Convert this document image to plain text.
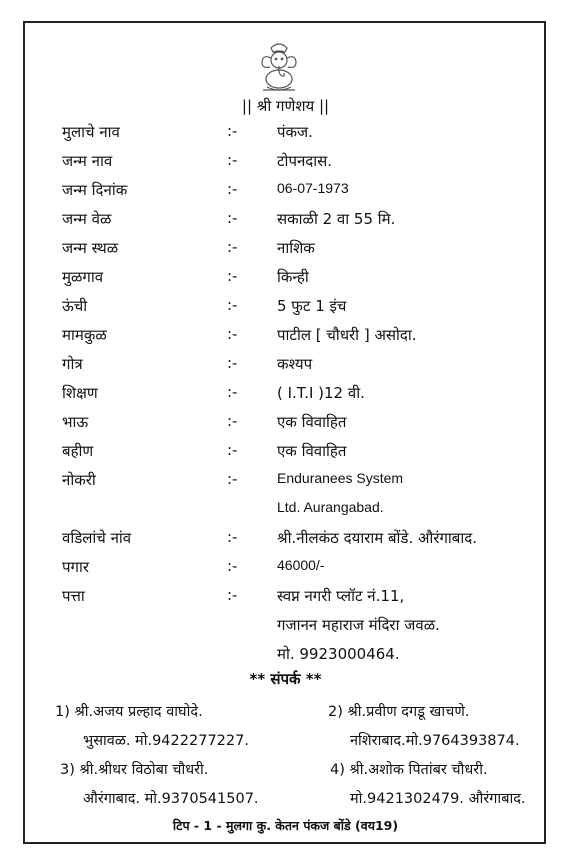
|| श्री गणेशय ||
मुलाचे नाव	:-	पंकज.
जन्म नाव	:-	टोपनदास.
जन्म दिनांक	:-	06-07-1973
जन्म वेळ	:-	सकाळी 2 वा 55 मि.
जन्म स्थळ	:-	नाशिक
मुळगाव	:-	किन्ही
ऊंची	:-	5 फुट 1 इंच
मामकुळ	:-	पाटील [ चौधरी ] असोदा.
गोत्र	:-	कश्यप
शिक्षण	:-	( I.T.I )12 वी.
भाऊ	:-	एक विवाहित
बहीण	:-	एक विवाहित
नोकरी	:-	Enduranees System
Ltd. Aurangabad.
वडिलांचे नांव	:-	श्री.नीलकंठ दयाराम बोंडे. औरंगाबाद.
पगार	:-	46000/-
पत्ता	:-	स्वप्न नगरी प्लॉट नं.11,
गजानन महाराज मंदिरा जवळ.
मो. 9923000464.
** संपर्क **
1) श्री.अजय प्रल्हाद वाघोदे.
भुसावळ. मो.9422277227.
2) श्री.प्रवीण दगडू खाचणे.
नशिराबाद.मो.9764393874.
3) श्री.श्रीधर विठोबा चौधरी.
औरंगाबाद. मो.9370541507.
4) श्री.अशोक पितांबर चौधरी.
मो.9421302479. औरंगाबाद.
टिप - 1 - मुलगा कु. केतन पंकज बोंडे (वय19)
